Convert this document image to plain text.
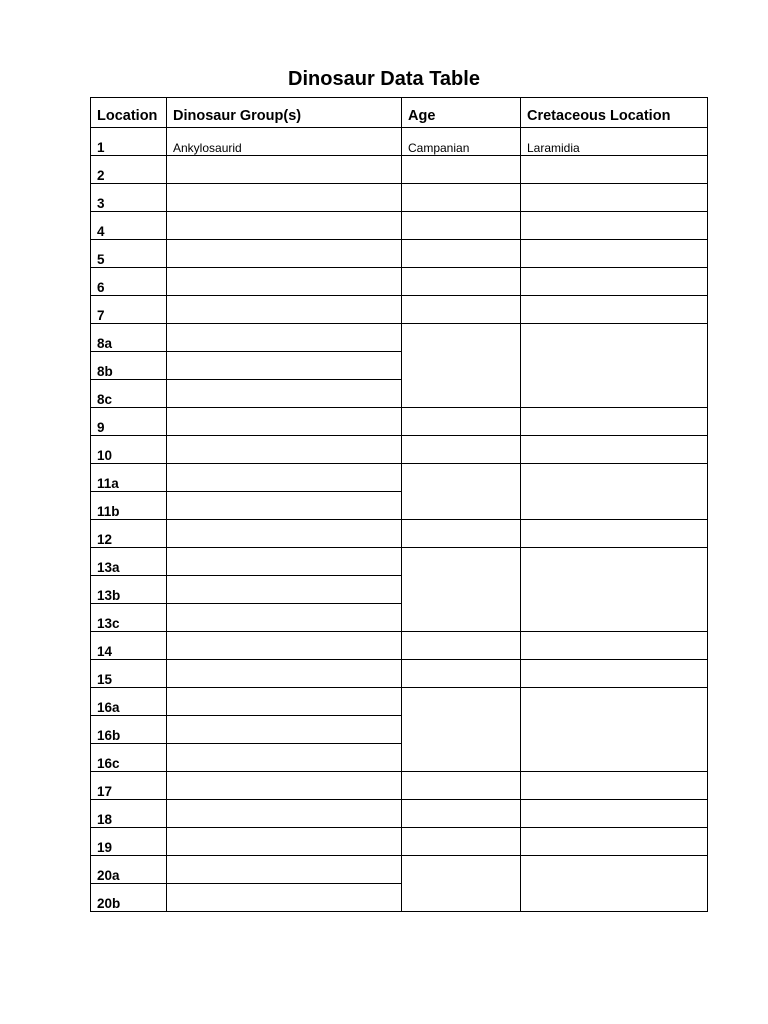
Dinosaur Data Table
Location	Dinosaur Group(s)	Age	Cretaceous Location
1	Ankylosaurid	Campanian	Laramidia
2			
3			
4			
5			
6			
7			
8a			
8b			
8c			
9			
10			
11a			
11b			
12			
13a			
13b			
13c			
14			
15			
16a			
16b			
16c			
17			
18			
19			
20a			
20b			
